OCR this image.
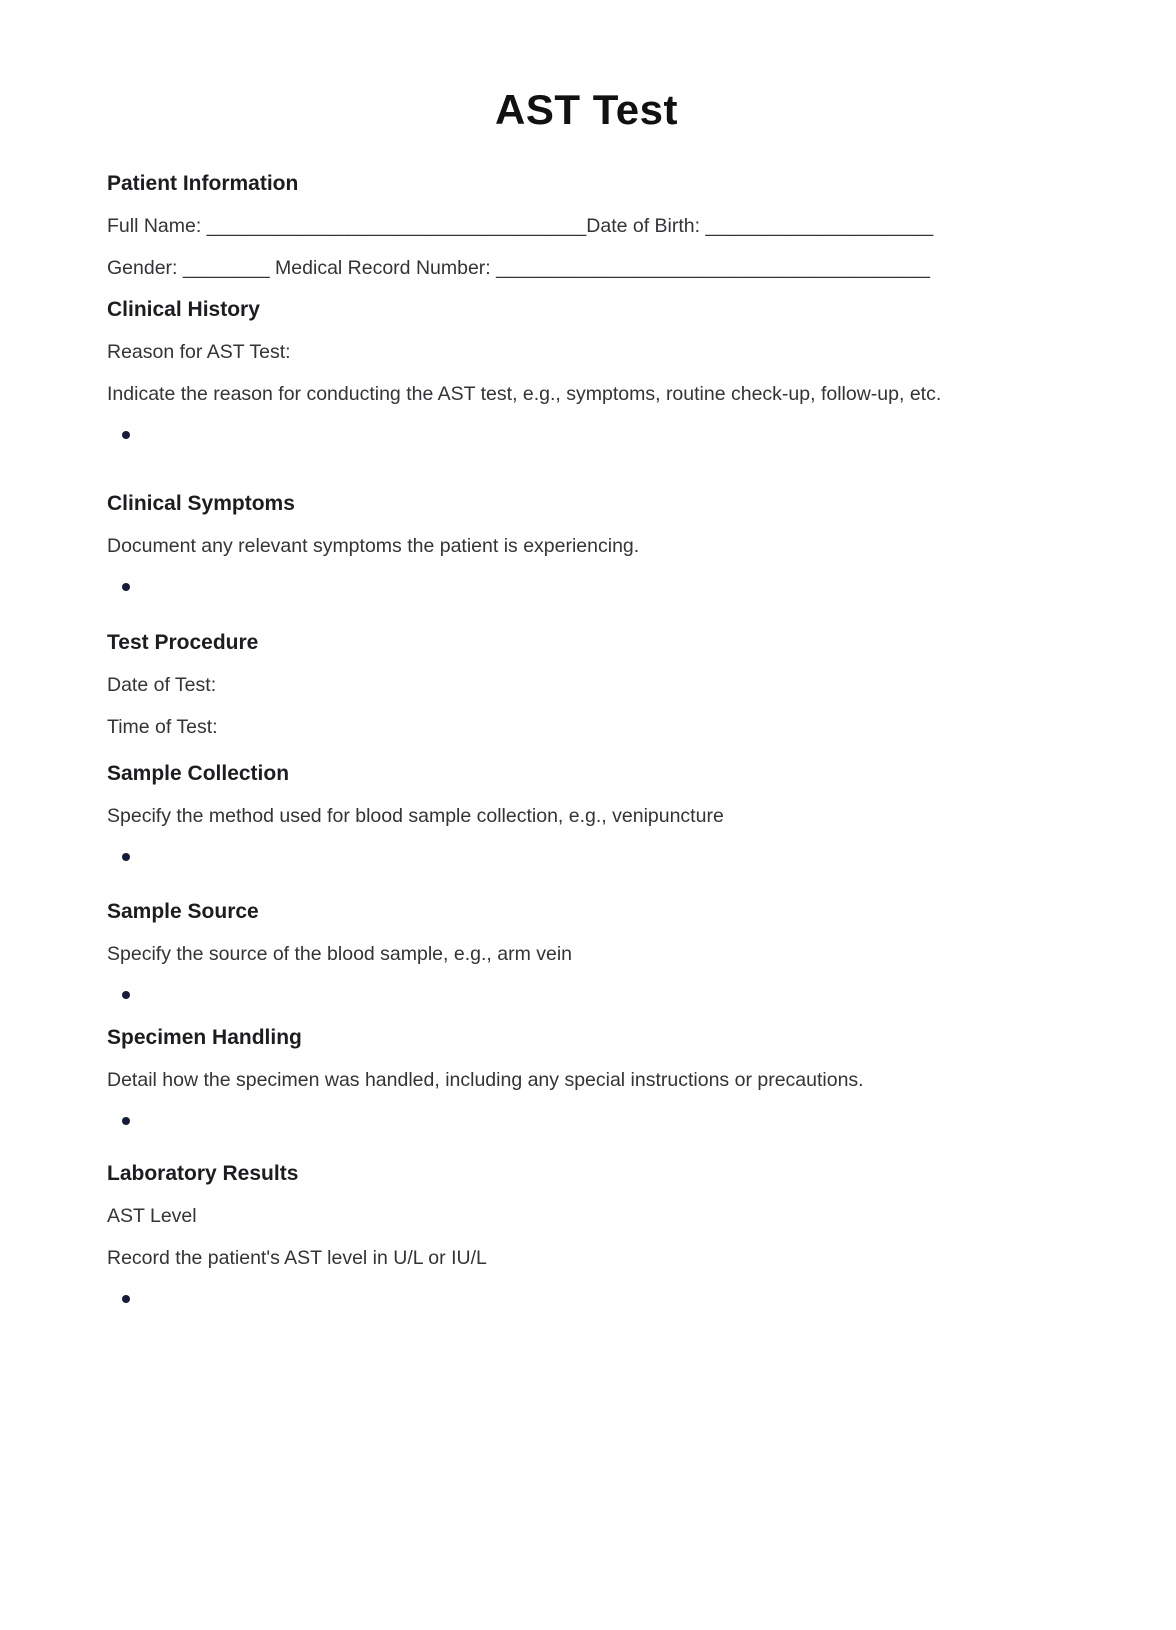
AST Test
Patient Information

Full Name: ___________________________________Date of Birth: _____________________

Gender: ________ Medical Record Number: ________________________________________

Clinical History

Reason for AST Test:

Indicate the reason for conducting the AST test, e.g., symptoms, routine check-up, follow-up, etc.

Clinical Symptoms

Document any relevant symptoms the patient is experiencing.

Test Procedure

Date of Test:

Time of Test:

Sample Collection

Specify the method used for blood sample collection, e.g., venipuncture

Sample Source

Specify the source of the blood sample, e.g., arm vein

Specimen Handling

Detail how the specimen was handled, including any special instructions or precautions.

Laboratory Results

AST Level

Record the patient's AST level in U/L or IU/L
